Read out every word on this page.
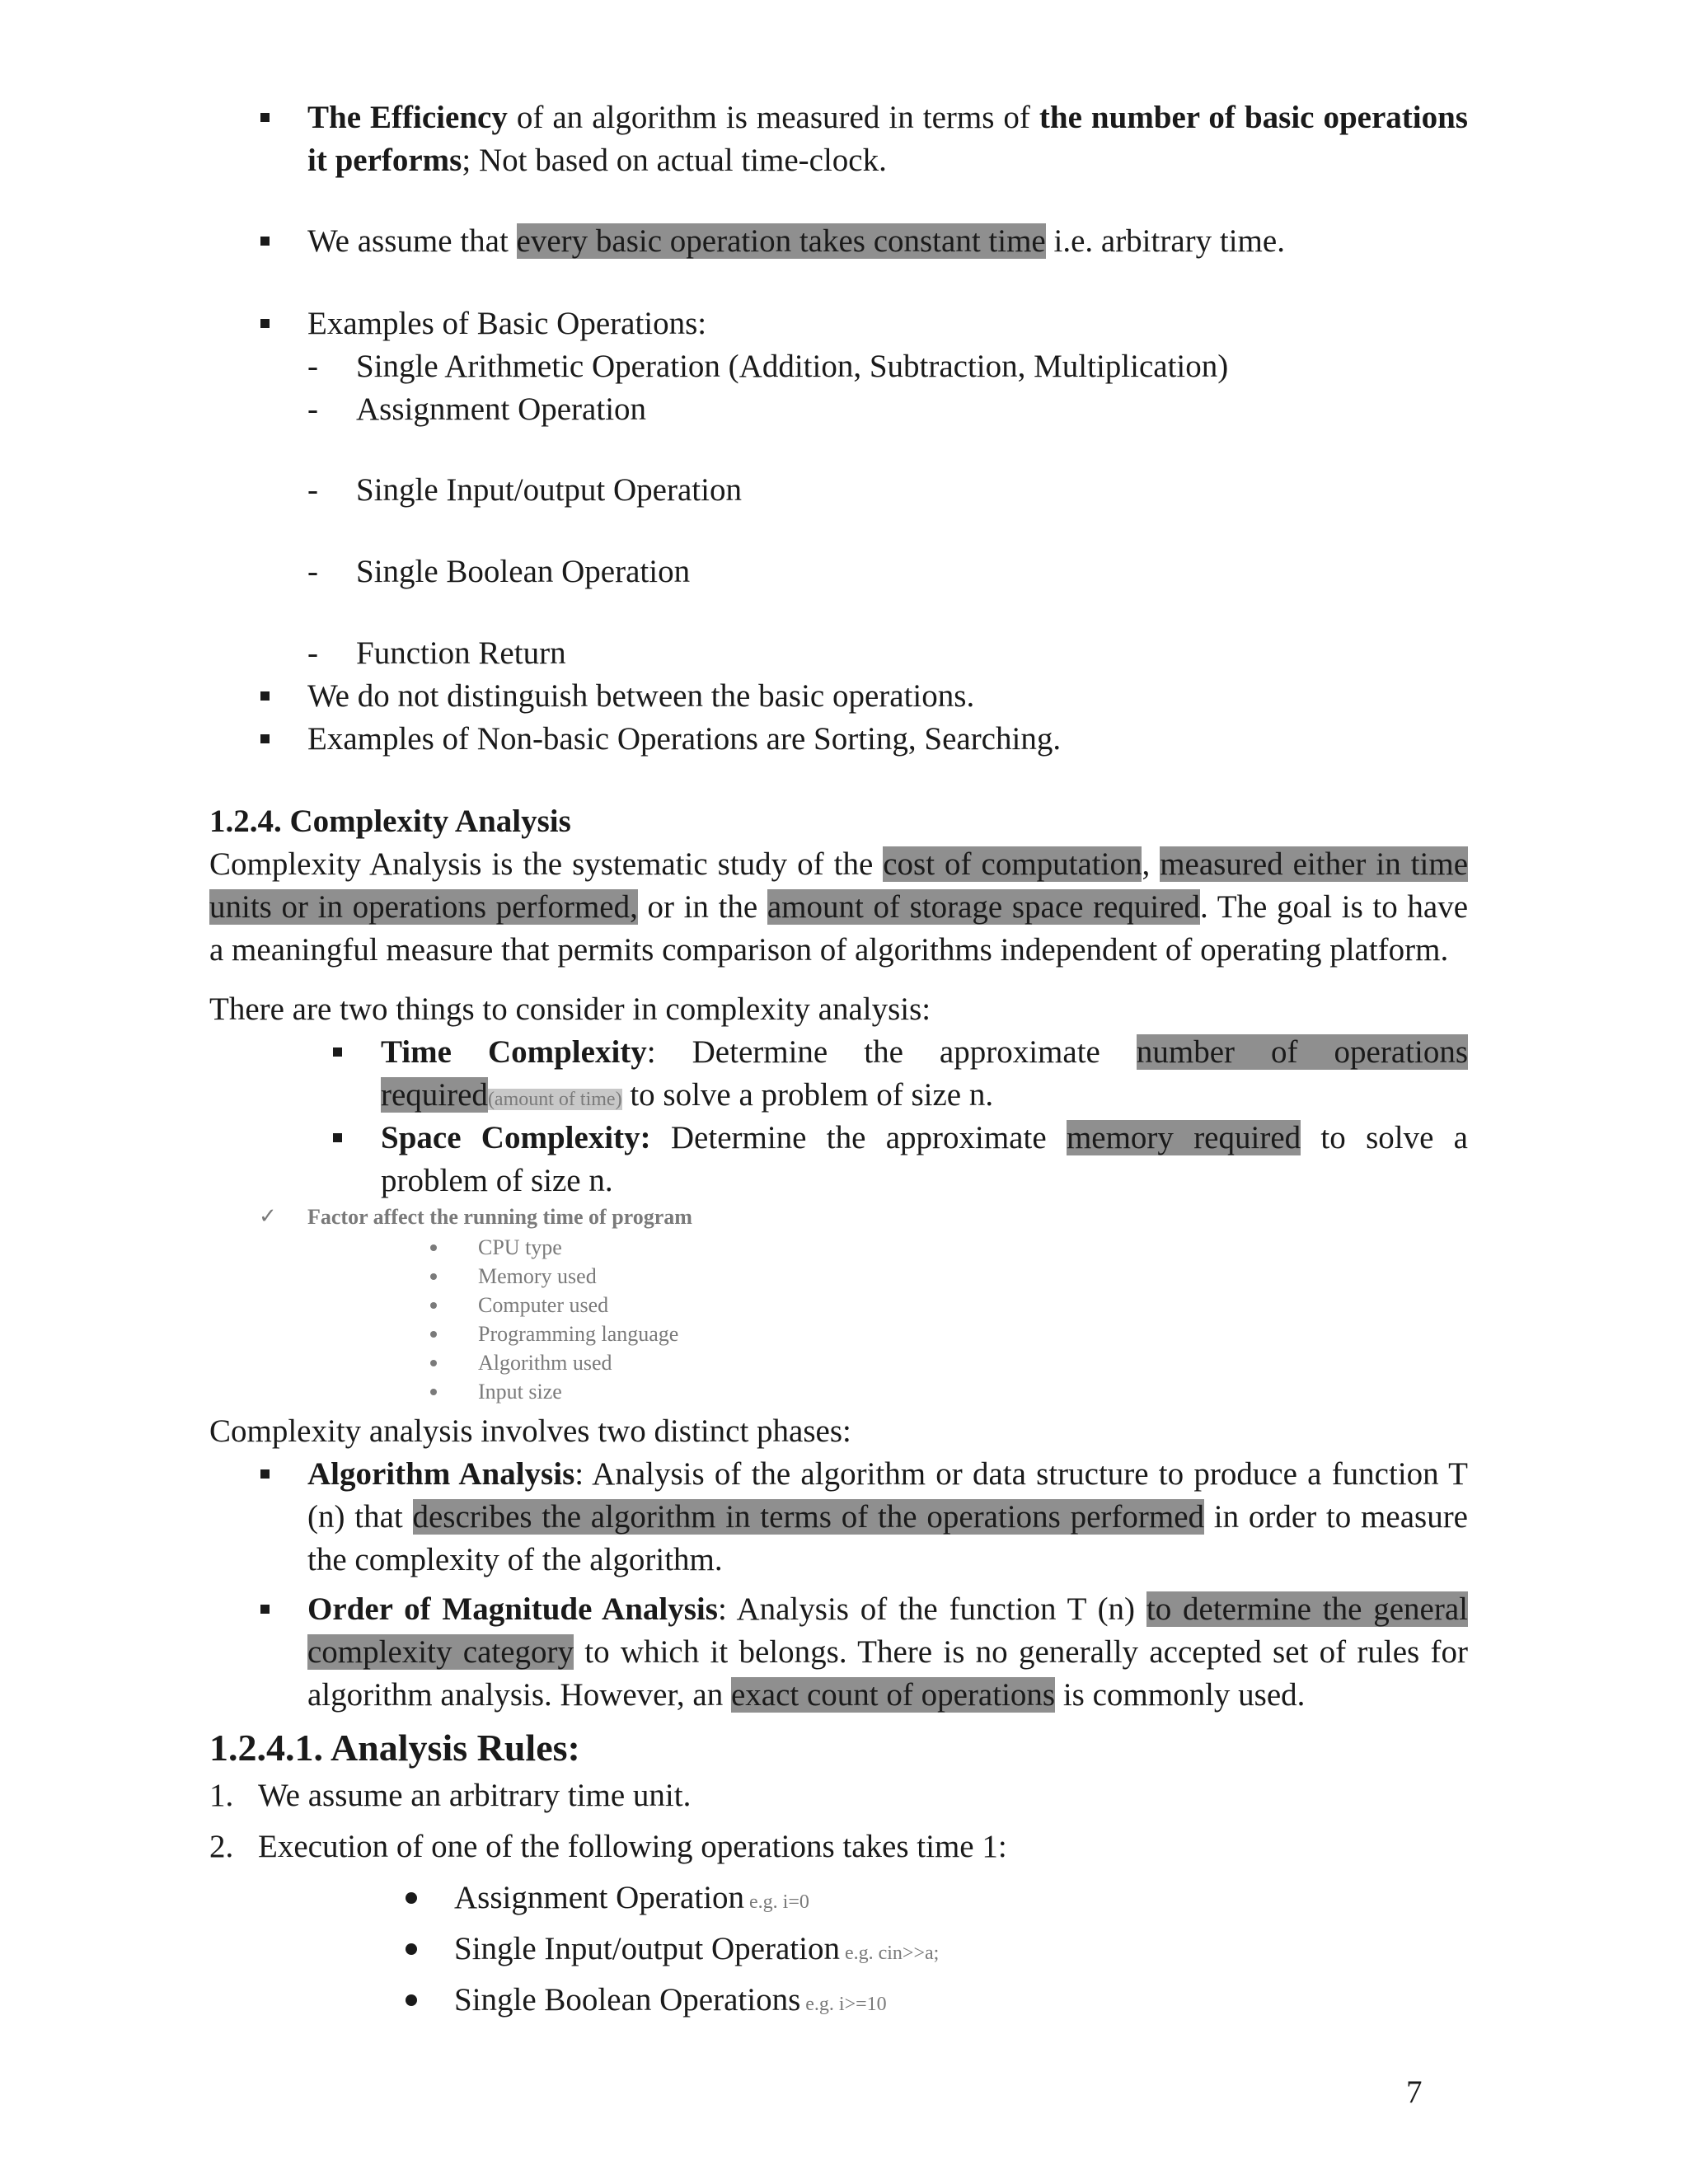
The Efficiency of an algorithm is measured in terms of the number of basic operations
it performs; Not based on actual time-clock.
We assume that every basic operation takes constant time i.e. arbitrary time.
Examples of Basic Operations:
- Single Arithmetic Operation (Addition, Subtraction, Multiplication)
- Assignment Operation
- Single Input/output Operation
- Single Boolean Operation
- Function Return
We do not distinguish between the basic operations.
Examples of Non-basic Operations are Sorting, Searching.
1.2.4. Complexity Analysis
Complexity Analysis is the systematic study of the cost of computation, measured either in time
units or in operations performed, or in the amount of storage space required. The goal is to have
a meaningful measure that permits comparison of algorithms independent of operating platform.
There are two things to consider in complexity analysis:
Time Complexity: Determine the approximate number of operations
required(amount of time) to solve a problem of size n.
Space Complexity: Determine the approximate memory required to solve a
problem of size n.
✓ Factor affect the running time of program
CPU type
Memory used
Computer used
Programming language
Algorithm used
Input size
Complexity analysis involves two distinct phases:
Algorithm Analysis: Analysis of the algorithm or data structure to produce a function T
(n) that describes the algorithm in terms of the operations performed in order to measure
the complexity of the algorithm.
Order of Magnitude Analysis: Analysis of the function T (n) to determine the general
complexity category to which it belongs. There is no generally accepted set of rules for
algorithm analysis. However, an exact count of operations is commonly used.
1.2.4.1. Analysis Rules:
1. We assume an arbitrary time unit.
2. Execution of one of the following operations takes time 1:
Assignment Operation e.g. i=0
Single Input/output Operation e.g. cin>>a;
Single Boolean Operations e.g. i>=10
7
